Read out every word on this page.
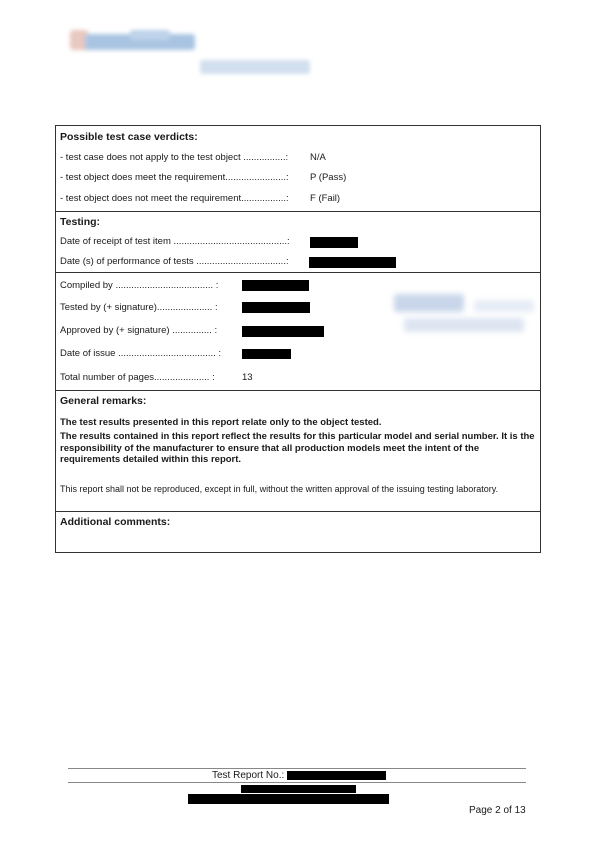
Possible test case verdicts:
- test case does not apply to the test object ................: N/A
- test object does meet the requirement.......................: P (Pass)
- test object does not meet the requirement.................: F (Fail)
Testing:
Date of receipt of test item ...........................................:
Date (s) of performance of tests ..................................:
Compiled by ..................................... :
Tested by (+ signature)..................... :
Approved by (+ signature) ............... :
Date of issue ..................................... :
Total number of pages..................... :	13
General remarks:
The test results presented in this report relate only to the object tested.
The results contained in this report reflect the results for this particular model and serial number. It is the responsibility of the manufacturer to ensure that all production models meet the intent of the requirements detailed within this report.
This report shall not be reproduced, except in full, without the written approval of the issuing testing laboratory.
Additional comments:
Test Report No.:
Page 2 of 13
